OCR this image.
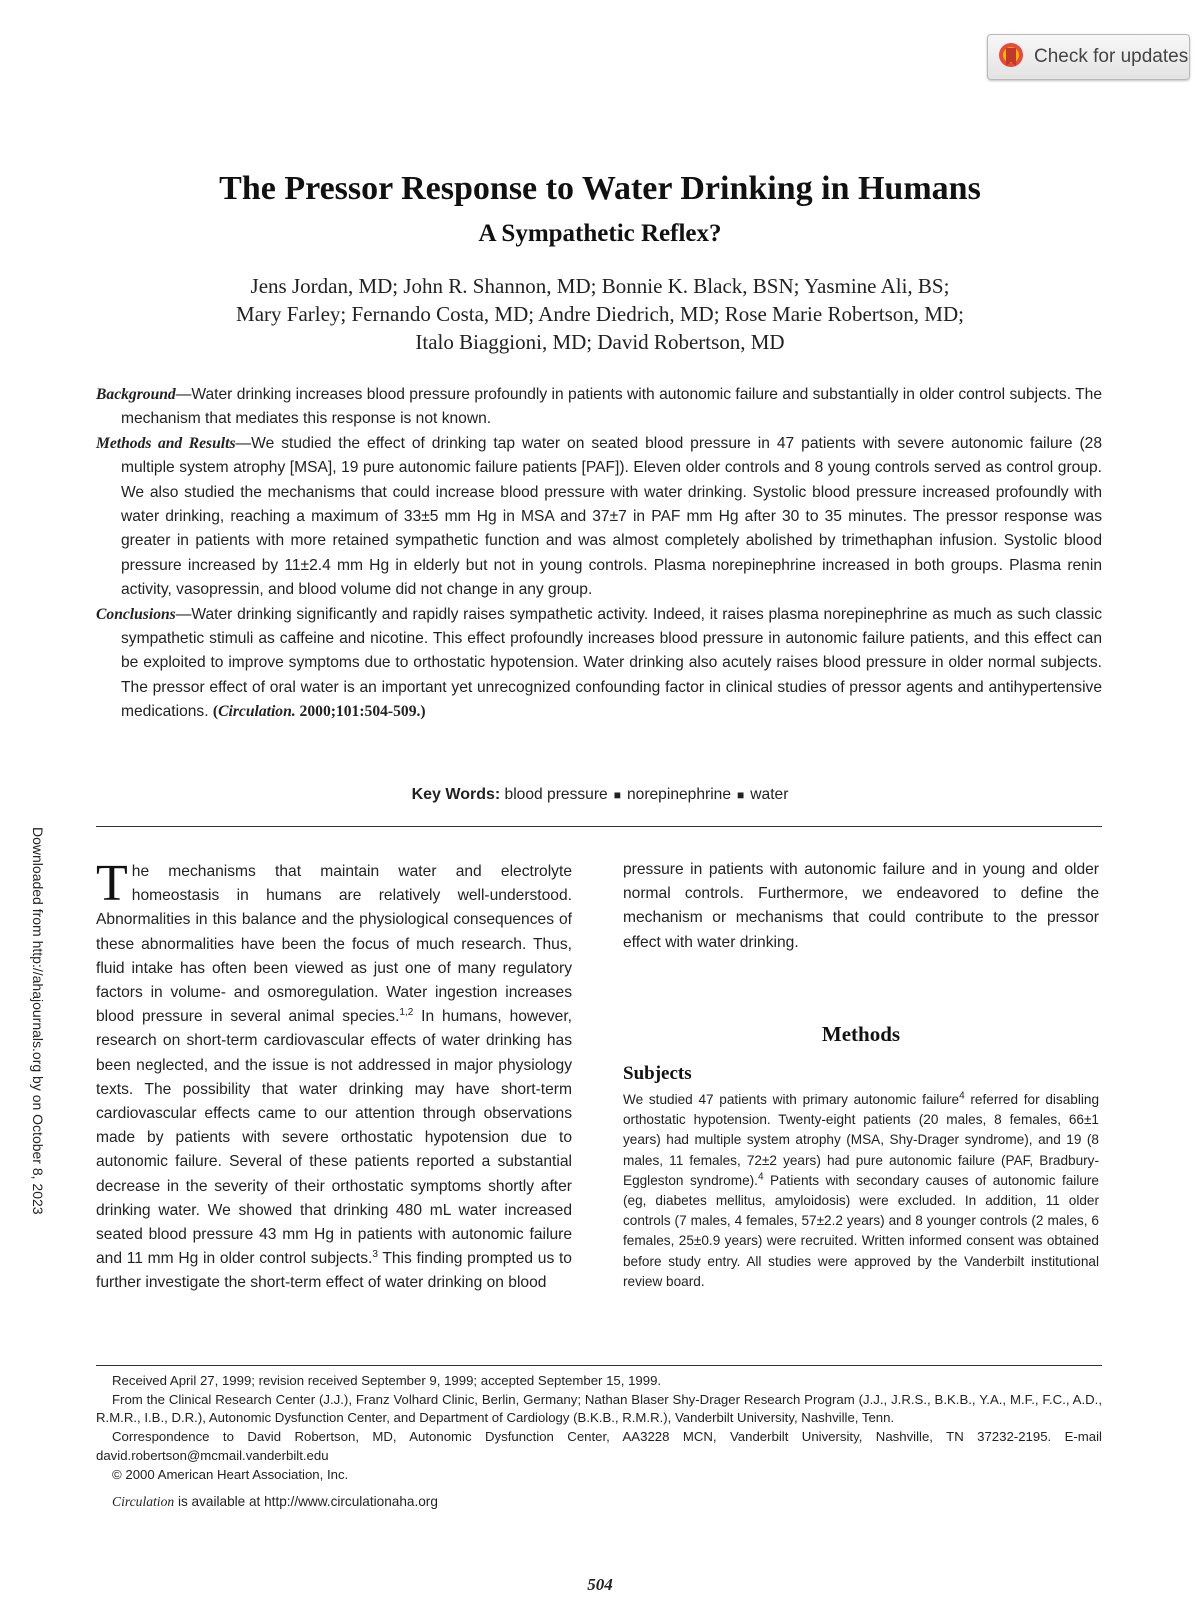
Check for updates
Downloaded from http://ahajournals.org by on October 8, 2023
The Pressor Response to Water Drinking in Humans
A Sympathetic Reflex?
Jens Jordan, MD; John R. Shannon, MD; Bonnie K. Black, BSN; Yasmine Ali, BS;
Mary Farley; Fernando Costa, MD; Andre Diedrich, MD; Rose Marie Robertson, MD;
Italo Biaggioni, MD; David Robertson, MD

Background—Water drinking increases blood pressure profoundly in patients with autonomic failure and substantially in older control subjects. The mechanism that mediates this response is not known.

Methods and Results—We studied the effect of drinking tap water on seated blood pressure in 47 patients with severe autonomic failure (28 multiple system atrophy [MSA], 19 pure autonomic failure patients [PAF]). Eleven older controls and 8 young controls served as control group. We also studied the mechanisms that could increase blood pressure with water drinking. Systolic blood pressure increased profoundly with water drinking, reaching a maximum of 33±5 mm Hg in MSA and 37±7 in PAF mm Hg after 30 to 35 minutes. The pressor response was greater in patients with more retained sympathetic function and was almost completely abolished by trimethaphan infusion. Systolic blood pressure increased by 11±2.4 mm Hg in elderly but not in young controls. Plasma norepinephrine increased in both groups. Plasma renin activity, vasopressin, and blood volume did not change in any group.

Conclusions—Water drinking significantly and rapidly raises sympathetic activity. Indeed, it raises plasma norepinephrine as much as such classic sympathetic stimuli as caffeine and nicotine. This effect profoundly increases blood pressure in autonomic failure patients, and this effect can be exploited to improve symptoms due to orthostatic hypotension. Water drinking also acutely raises blood pressure in older normal subjects. The pressor effect of oral water is an important yet unrecognized confounding factor in clinical studies of pressor agents and antihypertensive medications. (Circulation. 2000;101:504-509.)

Key Words: blood pressure ■ norepinephrine ■ water

The mechanisms that maintain water and electrolyte homeostasis in humans are relatively well-understood. Abnormalities in this balance and the physiological consequences of these abnormalities have been the focus of much research. Thus, fluid intake has often been viewed as just one of many regulatory factors in volume- and osmoregulation. Water ingestion increases blood pressure in several animal species.$^{1,2}$ In humans, however, research on short-term cardiovascular effects of water drinking has been neglected, and the issue is not addressed in major physiology texts. The possibility that water drinking may have short-term cardiovascular effects came to our attention through observations made by patients with severe orthostatic hypotension due to autonomic failure. Several of these patients reported a substantial decrease in the severity of their orthostatic symptoms shortly after drinking water. We showed that drinking 480 mL water increased seated blood pressure 43 mm Hg in patients with autonomic failure and 11 mm Hg in older control subjects.$^3$ This finding prompted us to further investigate the short-term effect of water drinking on blood

Methods
Subjects

We studied 47 patients with primary autonomic failure$^4$ referred for disabling orthostatic hypotension. Twenty-eight patients (20 males, 8 females, 66±1 years) had multiple system atrophy (MSA, Shy-Drager syndrome), and 19 (8 males, 11 females, 72±2 years) had pure autonomic failure (PAF, Bradbury-Eggleston syndrome).$^4$ Patients with secondary causes of autonomic failure (eg, diabetes mellitus, amyloidosis) were excluded. In addition, 11 older controls (7 males, 4 females, 57±2.2 years) and 8 younger controls (2 males, 6 females, 25±0.9 years) were recruited. Written informed consent was obtained before study entry. All studies were approved by the Vanderbilt institutional review board.

Received April 27, 1999; revision received September 9, 1999; accepted September 15, 1999.

From the Clinical Research Center (J.J.), Franz Volhard Clinic, Berlin, Germany; Nathan Blaser Shy-Drager Research Program (J.J., J.R.S., B.K.B., Y.A., M.F., F.C., A.D., R.M.R., I.B., D.R.), Autonomic Dysfunction Center, and Department of Cardiology (B.K.B., R.M.R.), Vanderbilt University, Nashville, Tenn.

Correspondence to David Robertson, MD, Autonomic Dysfunction Center, AA3228 MCN, Vanderbilt University, Nashville, TN 37232-2195. E-mail david.robertson@mcmail.vanderbilt.edu

© 2000 American Heart Association, Inc.

Circulation is available at http://www.circulationaha.org

504

pressure in patients with autonomic failure and in young and older normal controls. Furthermore, we endeavored to define the mechanism or mechanisms that could contribute to the pressor effect with water drinking.
